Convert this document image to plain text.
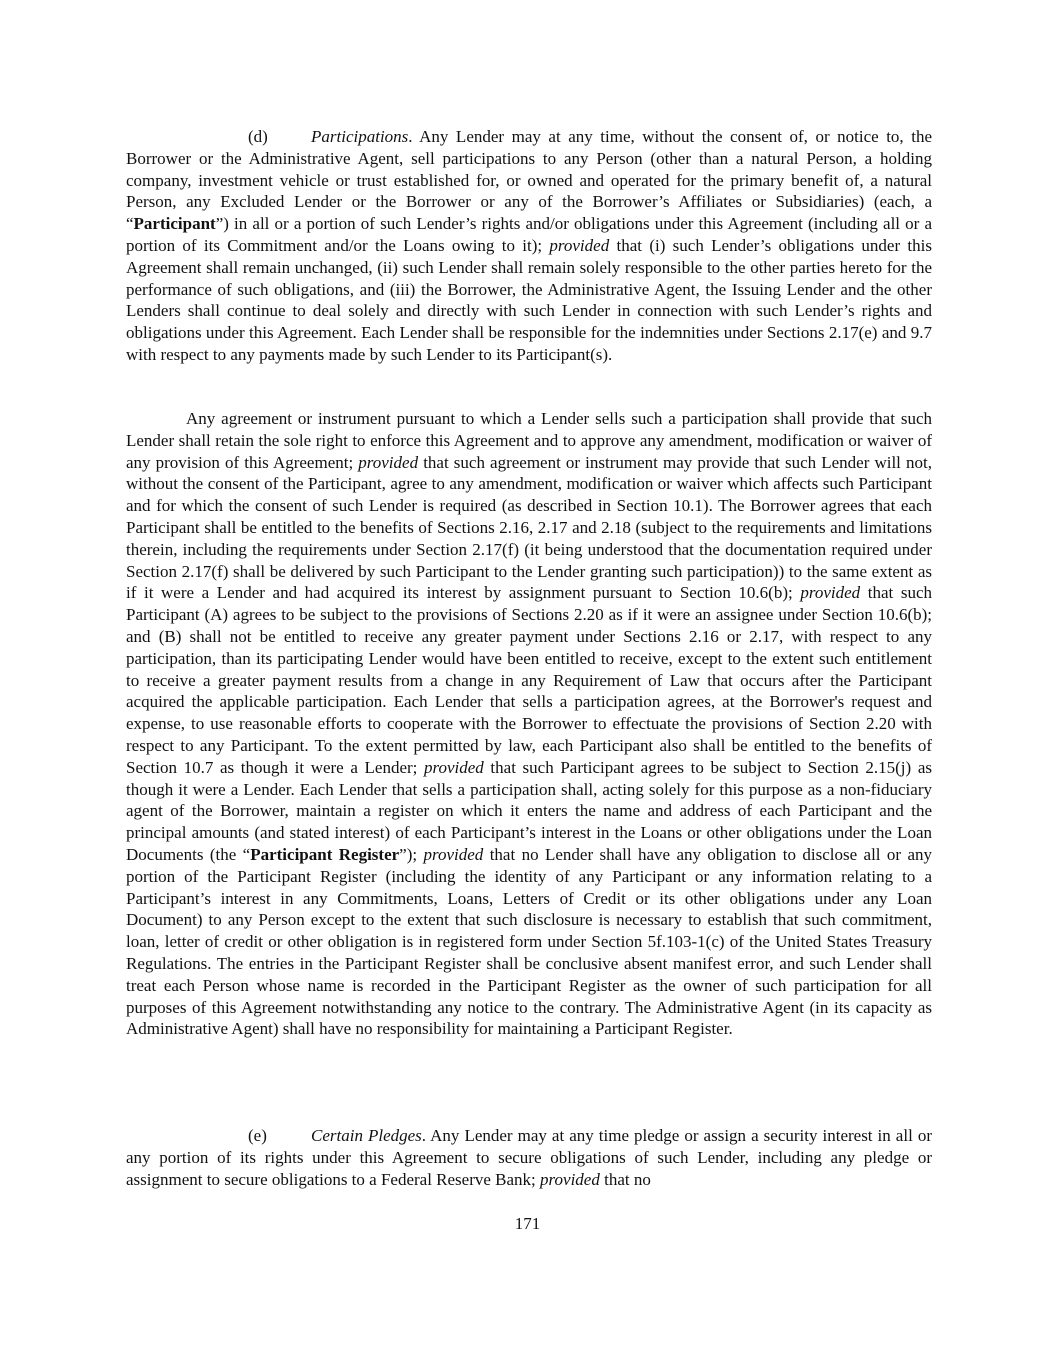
(d)	Participations. Any Lender may at any time, without the consent of, or notice to, the Borrower or the Administrative Agent, sell participations to any Person (other than a natural Person, a holding company, investment vehicle or trust established for, or owned and operated for the primary benefit of, a natural Person, any Excluded Lender or the Borrower or any of the Borrower’s Affiliates or Subsidiaries) (each, a “Participant”) in all or a portion of such Lender’s rights and/or obligations under this Agreement (including all or a portion of its Commitment and/or the Loans owing to it); provided that (i) such Lender’s obligations under this Agreement shall remain unchanged, (ii) such Lender shall remain solely responsible to the other parties hereto for the performance of such obligations, and (iii) the Borrower, the Administrative Agent, the Issuing Lender and the other Lenders shall continue to deal solely and directly with such Lender in connection with such Lender’s rights and obligations under this Agreement. Each Lender shall be responsible for the indemnities under Sections 2.17(e) and 9.7 with respect to any payments made by such Lender to its Participant(s).

Any agreement or instrument pursuant to which a Lender sells such a participation shall provide that such Lender shall retain the sole right to enforce this Agreement and to approve any amendment, modification or waiver of any provision of this Agreement; provided that such agreement or instrument may provide that such Lender will not, without the consent of the Participant, agree to any amendment, modification or waiver which affects such Participant and for which the consent of such Lender is required (as described in Section 10.1). The Borrower agrees that each Participant shall be entitled to the benefits of Sections 2.16, 2.17 and 2.18 (subject to the requirements and limitations therein, including the requirements under Section 2.17(f) (it being understood that the documentation required under Section 2.17(f) shall be delivered by such Participant to the Lender granting such participation)) to the same extent as if it were a Lender and had acquired its interest by assignment pursuant to Section 10.6(b); provided that such Participant (A) agrees to be subject to the provisions of Sections 2.20 as if it were an assignee under Section 10.6(b); and (B) shall not be entitled to receive any greater payment under Sections 2.16 or 2.17, with respect to any participation, than its participating Lender would have been entitled to receive, except to the extent such entitlement to receive a greater payment results from a change in any Requirement of Law that occurs after the Participant acquired the applicable participation. Each Lender that sells a participation agrees, at the Borrower's request and expense, to use reasonable efforts to cooperate with the Borrower to effectuate the provisions of Section 2.20 with respect to any Participant. To the extent permitted by law, each Participant also shall be entitled to the benefits of Section 10.7 as though it were a Lender; provided that such Participant agrees to be subject to Section 2.15(j) as though it were a Lender. Each Lender that sells a participation shall, acting solely for this purpose as a non-fiduciary agent of the Borrower, maintain a register on which it enters the name and address of each Participant and the principal amounts (and stated interest) of each Participant’s interest in the Loans or other obligations under the Loan Documents (the “Participant Register”); provided that no Lender shall have any obligation to disclose all or any portion of the Participant Register (including the identity of any Participant or any information relating to a Participant’s interest in any Commitments, Loans, Letters of Credit or its other obligations under any Loan Document) to any Person except to the extent that such disclosure is necessary to establish that such commitment, loan, letter of credit or other obligation is in registered form under Section 5f.103-1(c) of the United States Treasury Regulations. The entries in the Participant Register shall be conclusive absent manifest error, and such Lender shall treat each Person whose name is recorded in the Participant Register as the owner of such participation for all purposes of this Agreement notwithstanding any notice to the contrary. The Administrative Agent (in its capacity as Administrative Agent) shall have no responsibility for maintaining a Participant Register.

(e)	Certain Pledges. Any Lender may at any time pledge or assign a security interest in all or any portion of its rights under this Agreement to secure obligations of such Lender, including any pledge or assignment to secure obligations to a Federal Reserve Bank; provided that no

171
